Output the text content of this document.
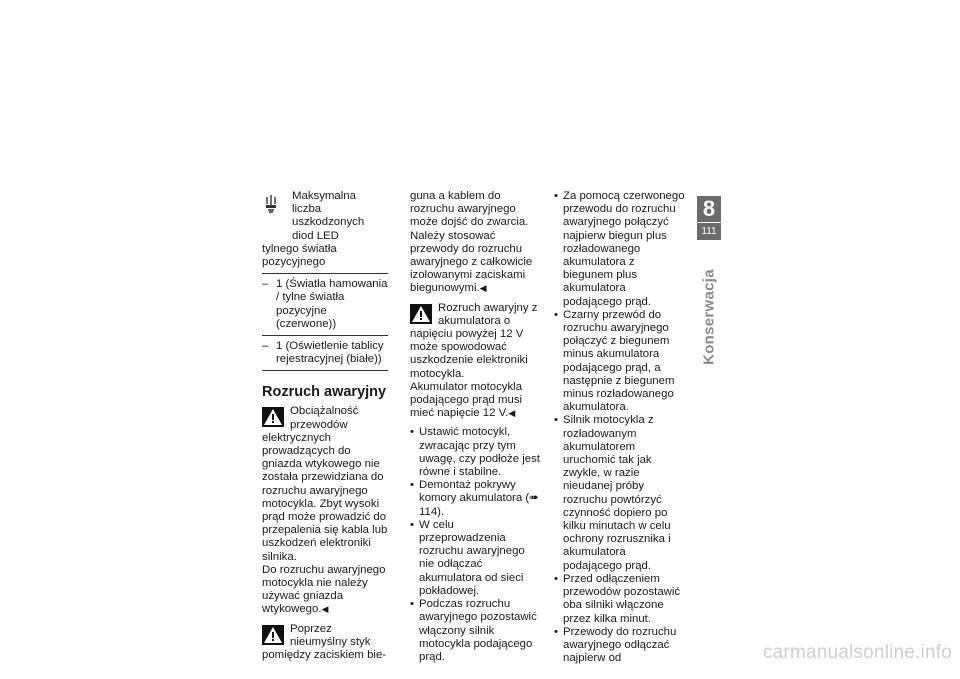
Maksymalna liczba

uszkodzonych diod LED

tylnego światła pozycyjnego

– 1 (Światła hamowania / tylne światła pozycyjne (czerwone))
– 1 (Oświetlenie tablicy rejestracyjnej (białe))
Rozruch awaryjny

Obciążalność przewodów elektrycznych prowadzących do gniazda wtykowego nie została przewidziana do rozruchu awaryjnego motocykla. Zbyt wysoki prąd może prowadzić do przepalenia się kabla lub uszkodzeń elektroniki silnika.

Do rozruchu awaryjnego motocykla nie należy używać gniazda wtykowego.◀

Poprzez nieumyślny styk pomiędzy zaciskiem bie-

guna a kablem do rozruchu awaryjnego może dojść do zwarcia.

Należy stosować przewody do rozruchu awaryjnego z całkowicie izolowanymi zaciskami biegunowymi.◀

Rozruch awaryjny z akumulatora o napięciu powyżej 12 V może spowodować uszkodzenie elektroniki motocykla.

Akumulator motocykla podającego prąd musi mieć napięcie 12 V.◀

• Ustawić motocykl, zwracając przy tym uwagę, czy podłoże jest równe i stabilne.
• Demontaż pokrywy komory akumulatora (➠ 114).
• W celu przeprowadzenia rozruchu awaryjnego nie odłączać akumulatora od sieci pokładowej.
• Podczas rozruchu awaryjnego pozostawić włączony silnik motocykla podającego prąd.
• Za pomocą czerwonego przewodu do rozruchu awaryjnego połączyć najpierw biegun plus rozładowanego akumulatora z biegunem plus akumulatora podającego prąd.
• Czarny przewód do rozruchu awaryjnego połączyć z biegunem minus akumulatora podającego prąd, a następnie z biegunem minus rozładowanego akumulatora.
• Silnik motocykla z rozładowanym akumulatorem uruchomić tak jak zwykle, w razie nieudanej próby rozruchu powtórzyć czynność dopiero po kilku minutach w celu ochrony rozrusznika i akumulatora podającego prąd.
• Przed odłączeniem przewodów pozostawić oba silniki włączone przez kilka minut.
• Przewody do rozruchu awaryjnego odłączać najpierw od
8
111
Konserwacja
carmanualsonline.info
